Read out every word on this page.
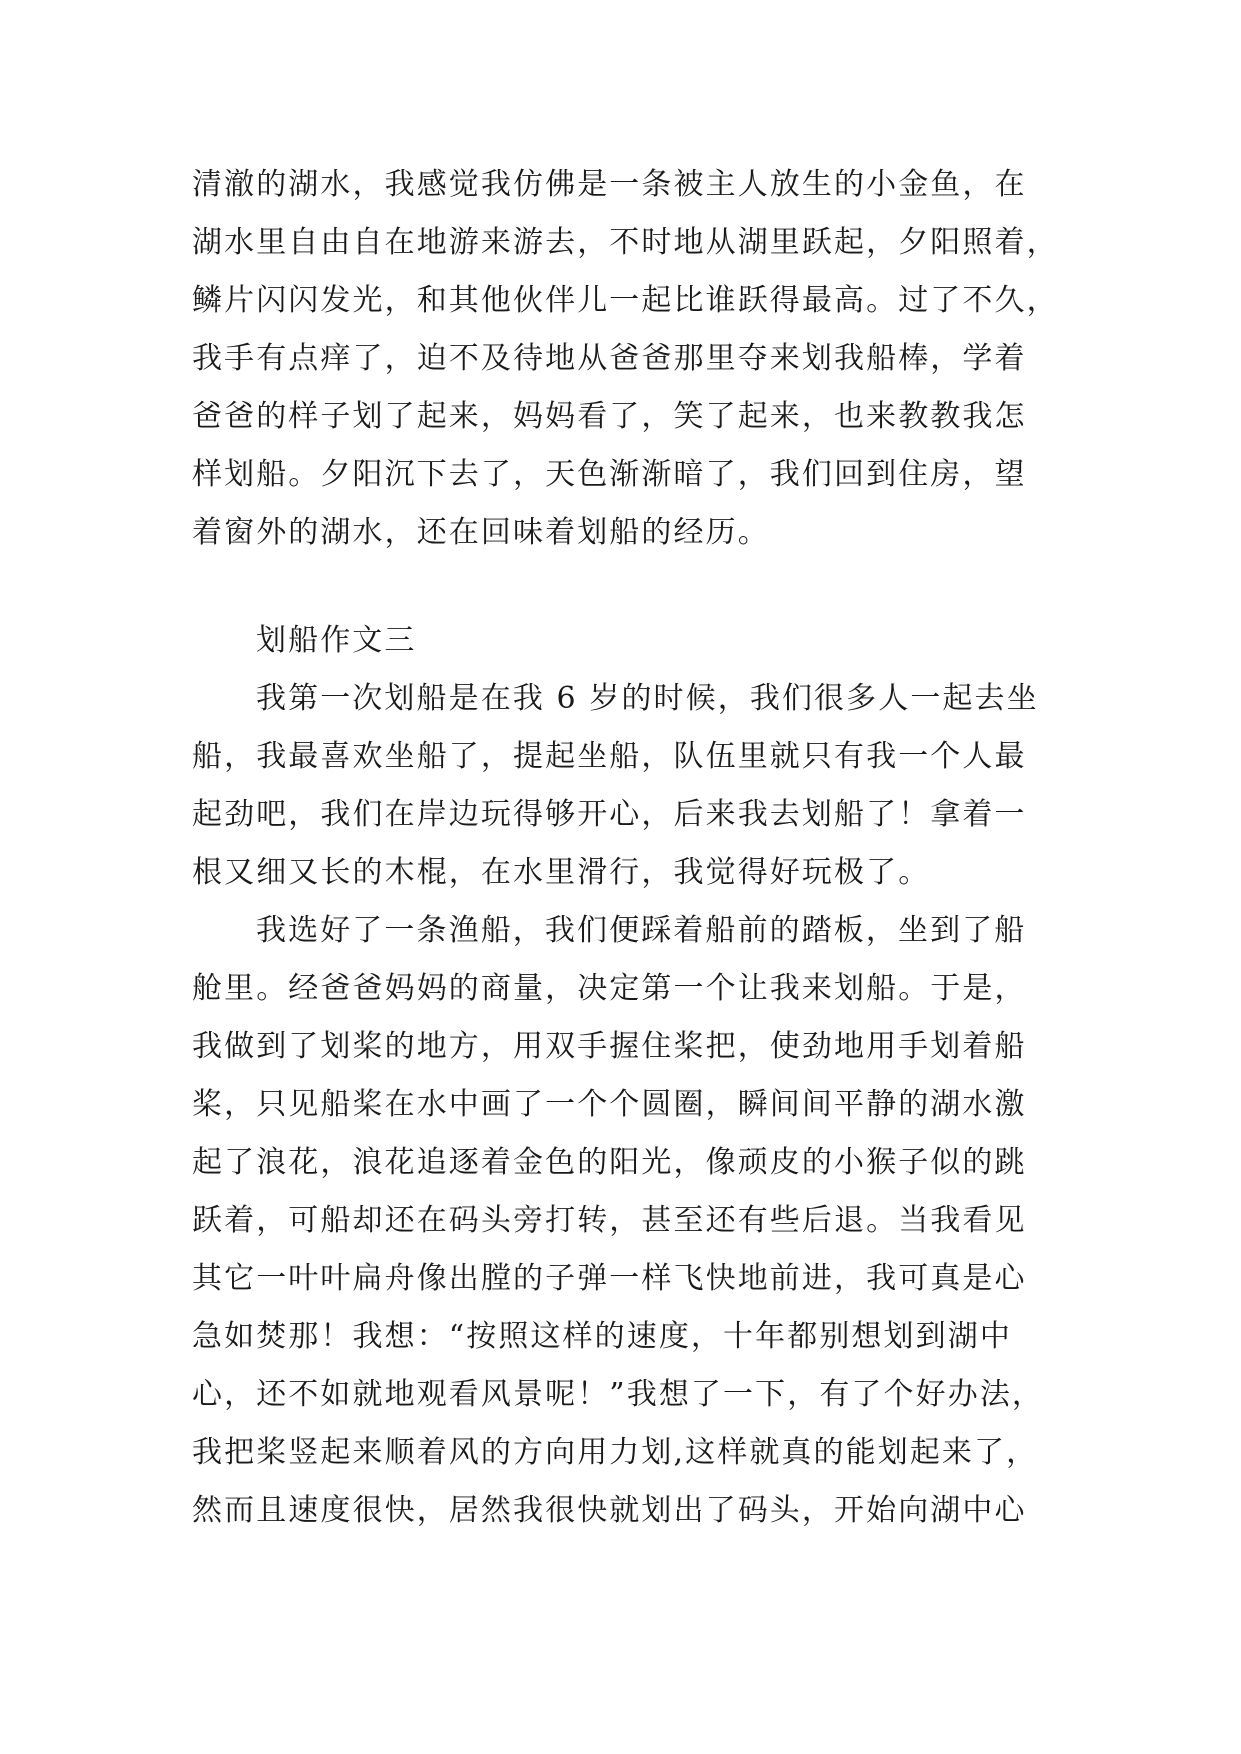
清澈的湖水，我感觉我仿佛是一条被主人放生的小金鱼，在
湖水里自由自在地游来游去，不时地从湖里跃起，夕阳照着，
鳞片闪闪发光，和其他伙伴儿一起比谁跃得最高。过了不久，
我手有点痒了，迫不及待地从爸爸那里夺来划我船棒，学着
爸爸的样子划了起来，妈妈看了，笑了起来，也来教教我怎
样划船。夕阳沉下去了，天色渐渐暗了，我们回到住房，望
着窗外的湖水，还在回味着划船的经历。
划船作文三
我第一次划船是在我 6 岁的时候，我们很多人一起去坐
船，我最喜欢坐船了，提起坐船，队伍里就只有我一个人最
起劲吧，我们在岸边玩得够开心，后来我去划船了！拿着一
根又细又长的木棍，在水里滑行，我觉得好玩极了。
我选好了一条渔船，我们便踩着船前的踏板，坐到了船
舱里。经爸爸妈妈的商量，决定第一个让我来划船。于是，
我做到了划桨的地方，用双手握住桨把，使劲地用手划着船
桨，只见船桨在水中画了一个个圆圈，瞬间间平静的湖水激
起了浪花，浪花追逐着金色的阳光，像顽皮的小猴子似的跳
跃着，可船却还在码头旁打转，甚至还有些后退。当我看见
其它一叶叶扁舟像出膛的子弹一样飞快地前进，我可真是心
急如焚那！我想：“按照这样的速度，十年都别想划到湖中
心，还不如就地观看风景呢！”我想了一下，有了个好办法，
我把桨竖起来顺着风的方向用力划,这样就真的能划起来了，
然而且速度很快，居然我很快就划出了码头，开始向湖中心
